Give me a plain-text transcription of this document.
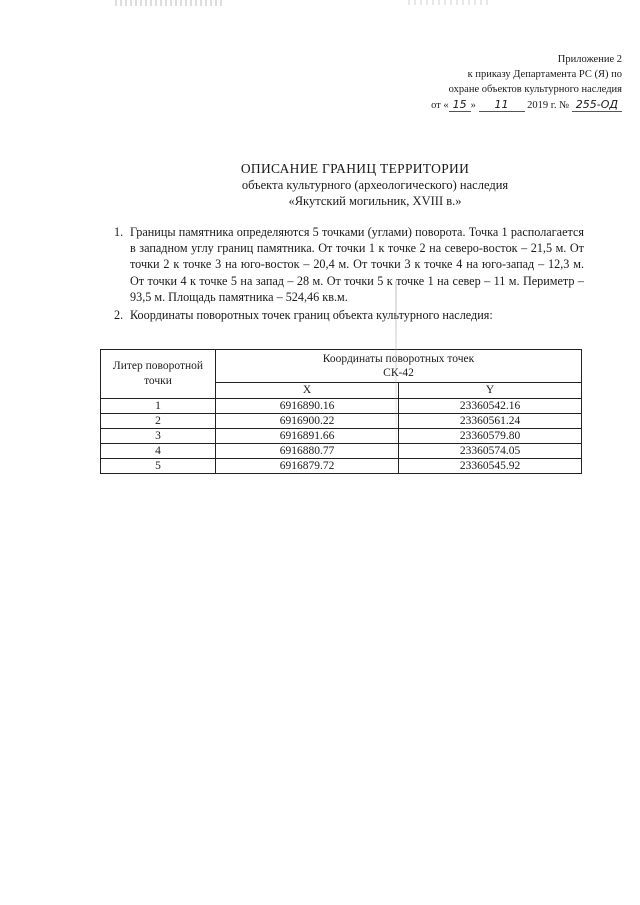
Приложение 2
к приказу Департамента РС (Я) по
охране объектов культурного наследия
от « 15 » 11 2019 г. № 255-ОД
ОПИСАНИЕ ГРАНИЦ ТЕРРИТОРИИ
объекта культурного (археологического) наследия
«Якутский могильник, XVIII в.»
1. Границы памятника определяются 5 точками (углами) поворота. Точка 1 располагается в западном углу границ памятника. От точки 1 к точке 2 на северо-восток – 21,5 м. От точки 2 к точке 3 на юго-восток – 20,4 м. От точки 3 к точке 4 на юго-запад – 12,3 м. От точки 4 к точке 5 на запад – 28 м. От точки 5 к точке 1 на север – 11 м. Периметр – 93,5 м. Площадь памятника – 524,46 кв.м.
2. Координаты поворотных точек границ объекта культурного наследия:
Литер поворотной точки	Координаты поворотных точек
СК-42	

	X	Y
1	6916890.16	23360542.16
2	6916900.22	23360561.24
3	6916891.66	23360579.80
4	6916880.77	23360574.05
5	6916879.72	23360545.92
